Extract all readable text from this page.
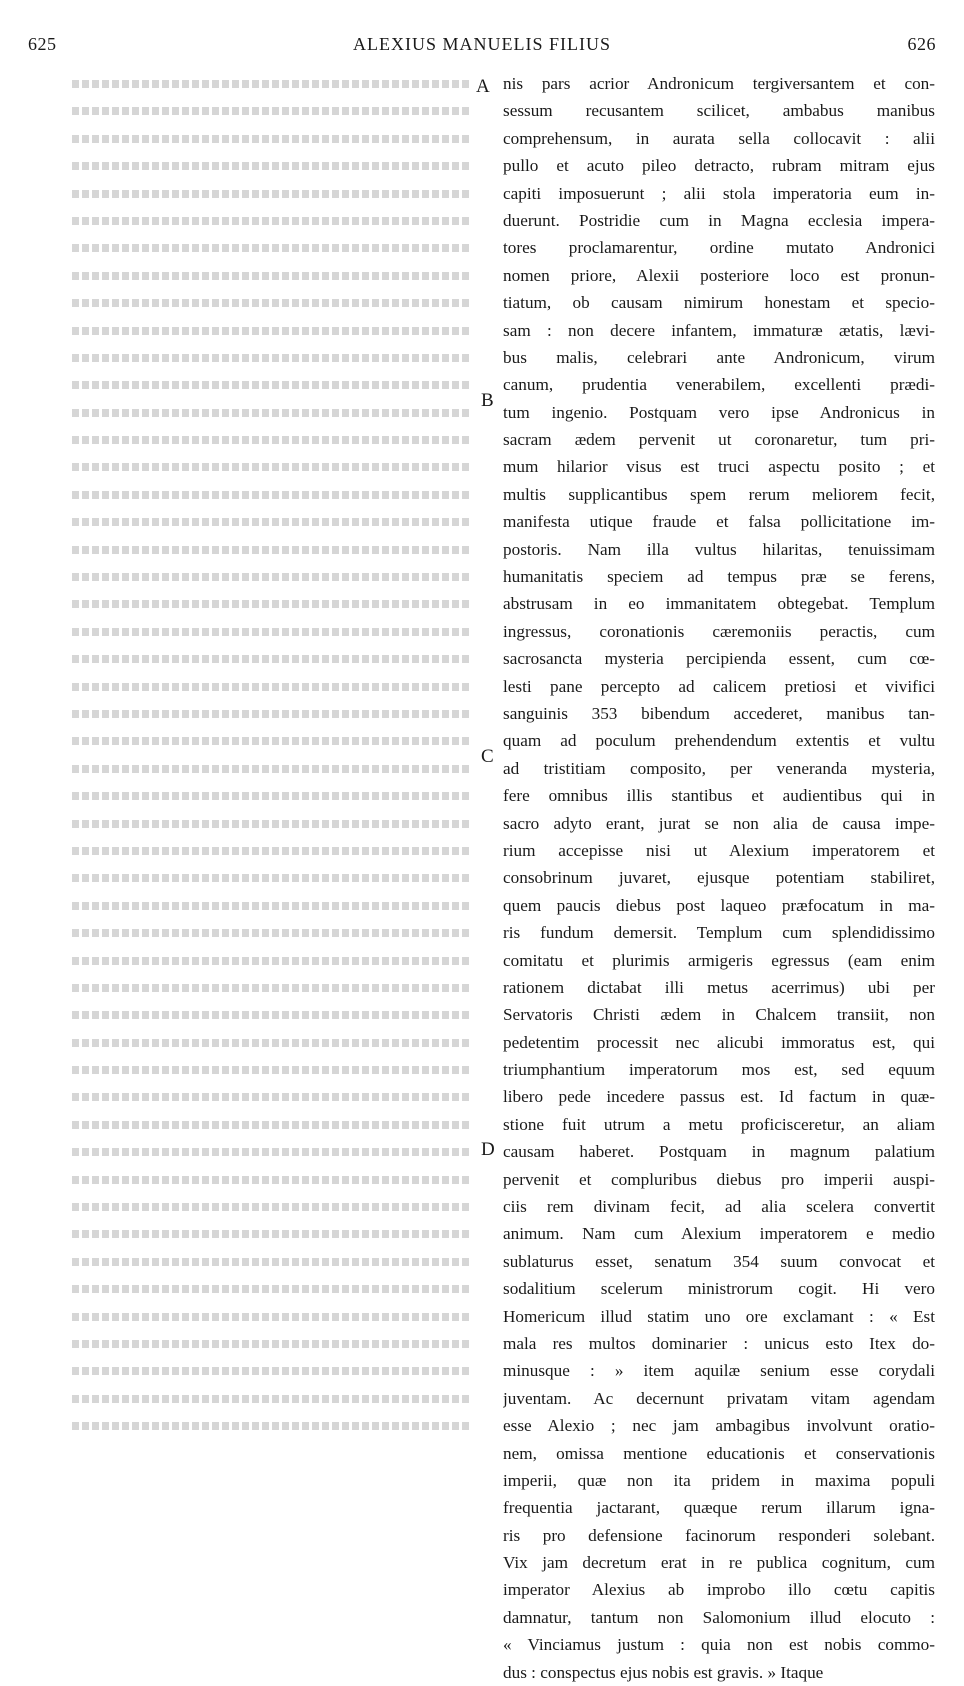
625	ALEXIUS MANUELIS FILIUS	626
A
B
C
D
nis pars acrior Andronicum tergiversantem et con-
sessum recusantem scilicet, ambabus manibus
comprehensum, in aurata sella collocavit : alii
pullo et acuto pileo detracto, rubram mitram ejus
capiti imposuerunt ; alii stola imperatoria eum in-
duerunt. Postridie cum in Magna ecclesia impera-
tores proclamarentur, ordine mutato Andronici
nomen priore, Alexii posteriore loco est pronun-
tiatum, ob causam nimirum honestam et specio-
sam : non decere infantem, immaturæ ætatis, lævi-
bus malis, celebrari ante Andronicum, virum
canum, prudentia venerabilem, excellenti prædi-
tum ingenio. Postquam vero ipse Andronicus in
sacram ædem pervenit ut coronaretur, tum pri-
mum hilarior visus est truci aspectu posito ; et
multis supplicantibus spem rerum meliorem fecit,
manifesta utique fraude et falsa pollicitatione im-
postoris. Nam illa vultus hilaritas, tenuissimam
humanitatis speciem ad tempus præ se ferens,
abstrusam in eo immanitatem obtegebat. Templum
ingressus, coronationis cæremoniis peractis, cum
sacrosancta mysteria percipienda essent, cum cœ-
lesti pane percepto ad calicem pretiosi et vivifici
sanguinis 353 bibendum accederet, manibus tan-
quam ad poculum prehendendum extentis et vultu
ad tristitiam composito, per veneranda mysteria,
fere omnibus illis stantibus et audientibus qui in
sacro adyto erant, jurat se non alia de causa impe-
rium accepisse nisi ut Alexium imperatorem et
consobrinum juvaret, ejusque potentiam stabiliret,
quem paucis diebus post laqueo præfocatum in ma-
ris fundum demersit. Templum cum splendidissimo
comitatu et plurimis armigeris egressus (eam enim
rationem dictabat illi metus acerrimus) ubi per
Servatoris Christi ædem in Chalcem transiit, non
pedetentim processit nec alicubi immoratus est, qui
triumphantium imperatorum mos est, sed equum
libero pede incedere passus est. Id factum in quæ-
stione fuit utrum a metu proficisceretur, an aliam
causam haberet. Postquam in magnum palatium
pervenit et compluribus diebus pro imperii auspi-
ciis rem divinam fecit, ad alia scelera convertit
animum. Nam cum Alexium imperatorem e medio
sublaturus esset, senatum 354 suum convocat et
sodalitium scelerum ministrorum cogit. Hi vero
Homericum illud statim uno ore exclamant : « Est
mala res multos dominarier : unicus esto Itex do-
minusque : » item aquilæ senium esse corydali
juventam. Ac decernunt privatam vitam agendam
esse Alexio ; nec jam ambagibus involvunt oratio-
nem, omissa mentione educationis et conservationis
imperii, quæ non ita pridem in maxima populi
frequentia jactarant, quæque rerum illarum igna-
ris pro defensione facinorum responderi solebant.
Vix jam decretum erat in re publica cognitum, cum
imperator Alexius ab improbo illo cœtu capitis
damnatur, tantum non Salomonium illud elocuto :
« Vinciamus justum : quia non est nobis commo-
dus : conspectus ejus nobis est gravis. » Itaque
